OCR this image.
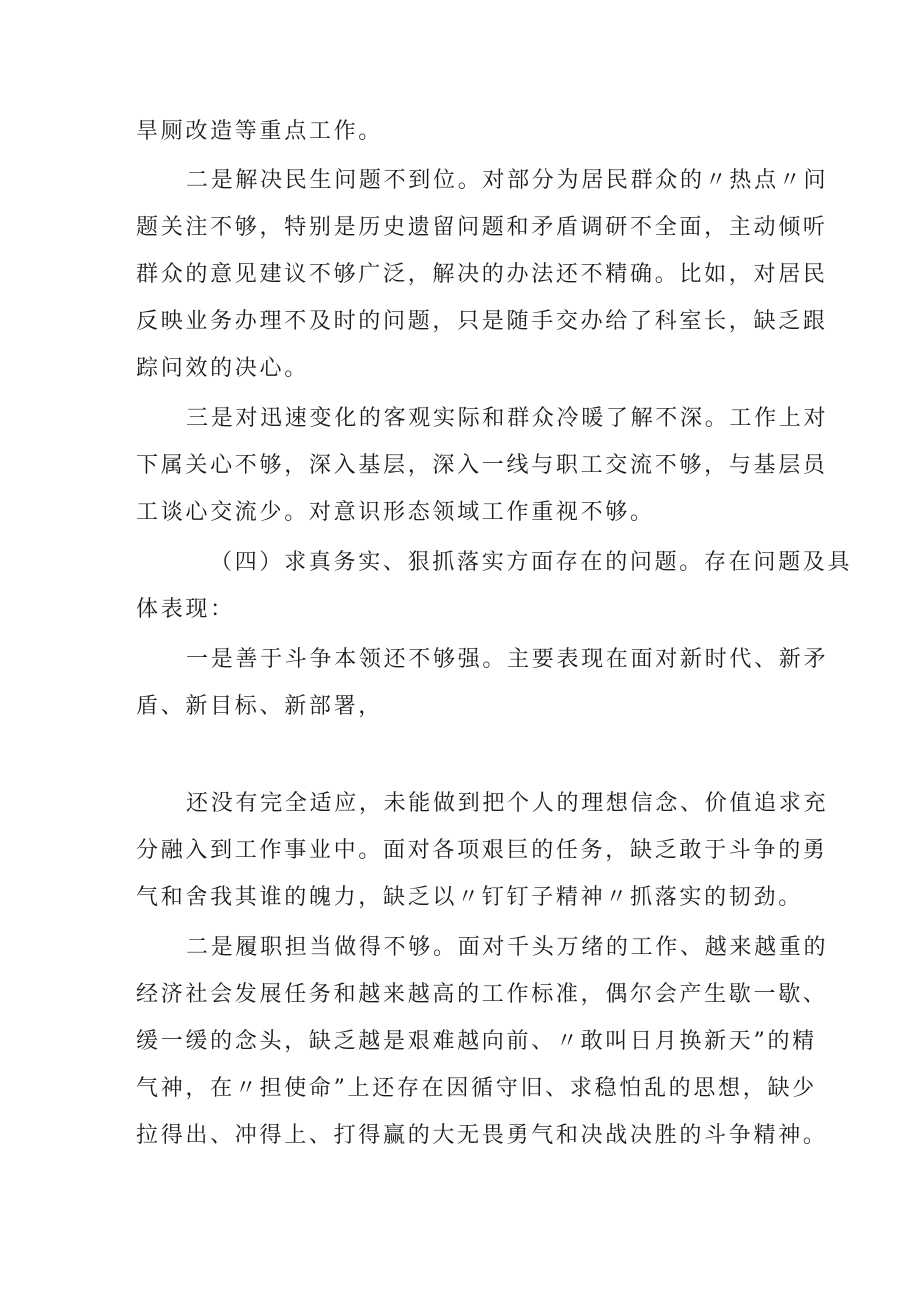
旱厕改造等重点工作。
二是解决民生问题不到位。对部分为居民群众的〃热点〃问
题关注不够，特别是历史遗留问题和矛盾调研不全面，主动倾听
群众的意见建议不够广泛，解决的办法还不精确。比如，对居民
反映业务办理不及时的问题，只是随手交办给了科室长，缺乏跟
踪问效的决心。
三是对迅速变化的客观实际和群众冷暖了解不深。工作上对
下属关心不够，深入基层，深入一线与职工交流不够，与基层员
工谈心交流少。对意识形态领域工作重视不够。
（四）求真务实、狠抓落实方面存在的问题。存在问题及具
体表现：
一是善于斗争本领还不够强。主要表现在面对新时代、新矛
盾、新目标、新部署，
还没有完全适应，未能做到把个人的理想信念、价值追求充
分融入到工作事业中。面对各项艰巨的任务，缺乏敢于斗争的勇
气和舍我其谁的魄力，缺乏以〃钉钉子精神〃抓落实的韧劲。
二是履职担当做得不够。面对千头万绪的工作、越来越重的
经济社会发展任务和越来越高的工作标准，偶尔会产生歇一歇、
缓一缓的念头，缺乏越是艰难越向前、〃敢叫日月换新天”的精
气神，在〃担使命”上还存在因循守旧、求稳怕乱的思想，缺少
拉得出、冲得上、打得赢的大无畏勇气和决战决胜的斗争精神。
